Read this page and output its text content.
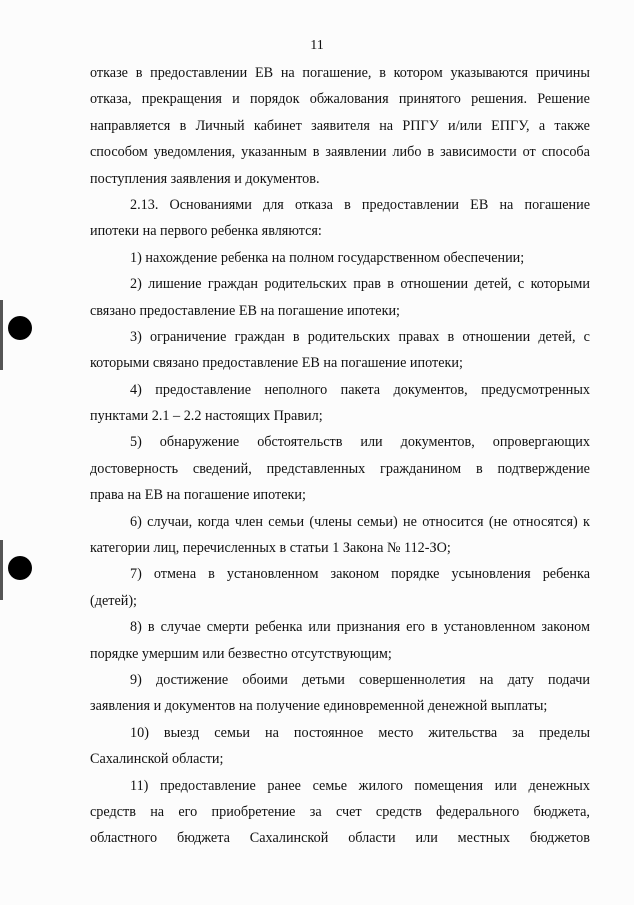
11
отказе в предоставлении ЕВ на погашение, в котором указываются причины
отказа, прекращения и порядок обжалования принятого решения. Решение
направляется в Личный кабинет заявителя на РПГУ и/или ЕПГУ, а также
способом уведомления, указанным в заявлении либо в зависимости от способа
поступления заявления и документов.
2.13. Основаниями для отказа в предоставлении ЕВ на погашение
ипотеки на первого ребенка являются:
1) нахождение ребенка на полном государственном обеспечении;
2) лишение граждан родительских прав в отношении детей, с которыми
связано предоставление ЕВ на погашение ипотеки;
3) ограничение граждан в родительских правах в отношении детей, с
которыми связано предоставление ЕВ на погашение ипотеки;
4) предоставление неполного пакета документов, предусмотренных
пунктами 2.1 – 2.2 настоящих Правил;
5) обнаружение обстоятельств или документов, опровергающих
достоверность сведений, представленных гражданином в подтверждение
права на ЕВ на погашение ипотеки;
6) случаи, когда член семьи (члены семьи) не относится (не относятся) к
категории лиц, перечисленных в статьи 1 Закона № 112-ЗО;
7) отмена в установленном законом порядке усыновления ребенка
(детей);
8) в случае смерти ребенка или признания его в установленном законом
порядке умершим или безвестно отсутствующим;
9) достижение обоими детьми совершеннолетия на дату подачи
заявления и документов на получение единовременной денежной выплаты;
10) выезд семьи на постоянное место жительства за пределы
Сахалинской области;
11) предоставление ранее семье жилого помещения или денежных
средств на его приобретение за счет средств федерального бюджета,
областного бюджета Сахалинской области или местных бюджетов
